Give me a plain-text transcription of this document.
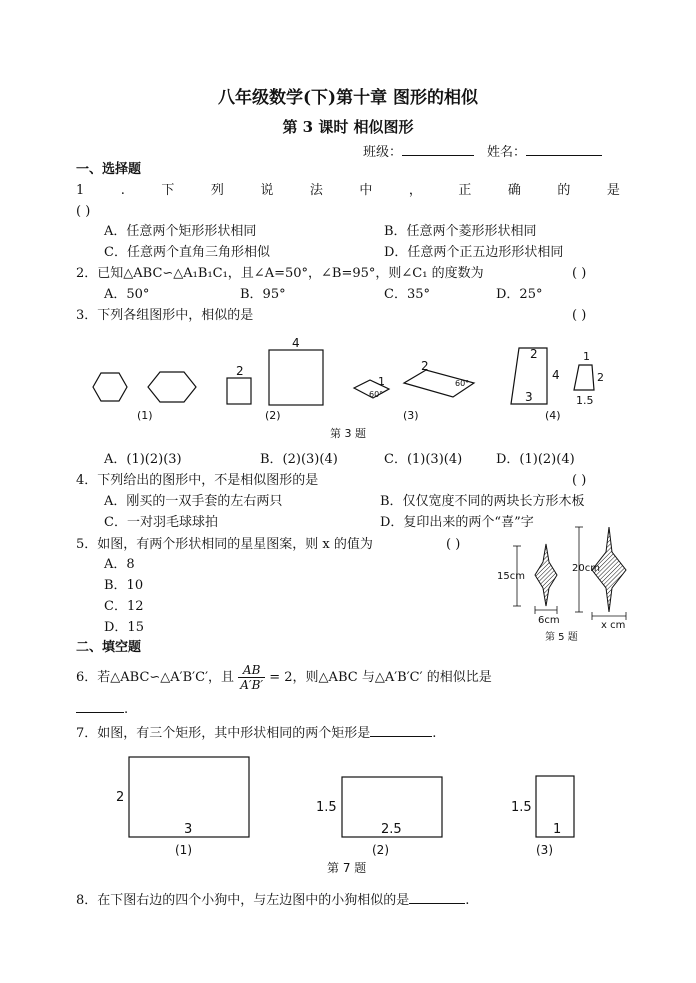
八年级数学(下)第十章 图形的相似
第 3 课时 相似图形
班级：	姓名：
一、选择题
1	.	下	列	说	法	中	，	正	确	的	是
( )
A．任意两个矩形形状相同	B．任意两个菱形形状相同
C．任意两个直角三角形相似	D．任意两个正五边形形状相同
2．已知△ABC∽△A₁B₁C₁，且∠A=50°，∠B=95°，则∠C₁ 的度数为	( )
A．50°	B．95°	C．35°	D．25°
3．下列各组图形中，相似的是	( )
2
4
1
60°
2
60°
2
4
3
1
2
1.5
(1)	(2)	(3)	(4)
第 3 题
A．(1)(2)(3)	B．(2)(3)(4)	C．(1)(3)(4)	D．(1)(2)(4)
4．下列给出的图形中，不是相似图形的是	( )
A．刚买的一双手套的左右两只	B．仅仅宽度不同的两块长方形木板
C．一对羽毛球球拍	D．复印出来的两个“喜”字
5．如图，有两个形状相同的星星图案，则 x 的值为	( )
A．8
B．10
C．12
D．15
15cm
6cm
20cm
x cm
第 5 题
二、填空题
6．若△ABC∽△A′B′C′，且 $\frac{AB}{A'B'} = 2$，则△ABC 与△A′B′C′ 的相似比是
.
7．如图，有三个矩形，其中形状相同的两个矩形是	.
2
3
1.5
2.5
1.5
1
(1)	(2)	(3)
第 7 题
8．在下图右边的四个小狗中，与左边图中的小狗相似的是	.
